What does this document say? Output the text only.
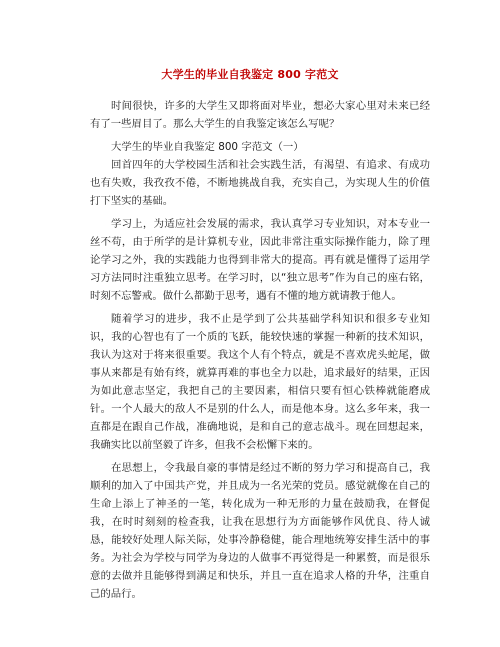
大学生的毕业自我鉴定 800 字范文

时间很快，许多的大学生又即将面对毕业，想必大家心里对未来已经有了一些眉目了。那么大学生的自我鉴定该怎么写呢？

大学生的毕业自我鉴定 800 字范文（一）

回首四年的大学校园生活和社会实践生活，有渴望、有追求、有成功也有失败，我孜孜不倦，不断地挑战自我，充实自己，为实现人生的价值打下坚实的基础。

学习上，为适应社会发展的需求，我认真学习专业知识，对本专业一丝不苟，由于所学的是计算机专业，因此非常注重实际操作能力，除了理论学习之外，我的实践能力也得到非常大的提高。再有就是懂得了运用学习方法同时注重独立思考。在学习时，以“独立思考”作为自己的座右铭，时刻不忘警戒。做什么都勤于思考，遇有不懂的地方就请教于他人。

随着学习的进步，我不止是学到了公共基础学科知识和很多专业知识，我的心智也有了一个质的飞跃，能较快速的掌握一种新的技术知识，我认为这对于将来很重要。我这个人有个特点，就是不喜欢虎头蛇尾，做事从来都是有始有终，就算再难的事也全力以赴，追求最好的结果，正因为如此意志坚定，我把自己的主要因素，相信只要有恒心铁棒就能磨成针。一个人最大的敌人不是别的什么人，而是他本身。这么多年来，我一直都是在跟自己作战，准确地说，是和自己的意志战斗。现在回想起来，我确实比以前坚毅了许多，但我不会松懈下来的。

在思想上，令我最自豪的事情是经过不断的努力学习和提高自己，我顺利的加入了中国共产党，并且成为一名光荣的党员。感觉就像在自己的生命上添上了神圣的一笔，转化成为一种无形的力量在鼓励我，在督促我，在时时刻刻的检查我，让我在思想行为方面能够作风优良、待人诚恳，能较好处理人际关际，处事冷静稳健，能合理地统筹安排生活中的事务。为社会为学校与同学为身边的人做事不再觉得是一种累赘，而是很乐意的去做并且能够得到满足和快乐，并且一直在追求人格的升华，注重自己的品行。
